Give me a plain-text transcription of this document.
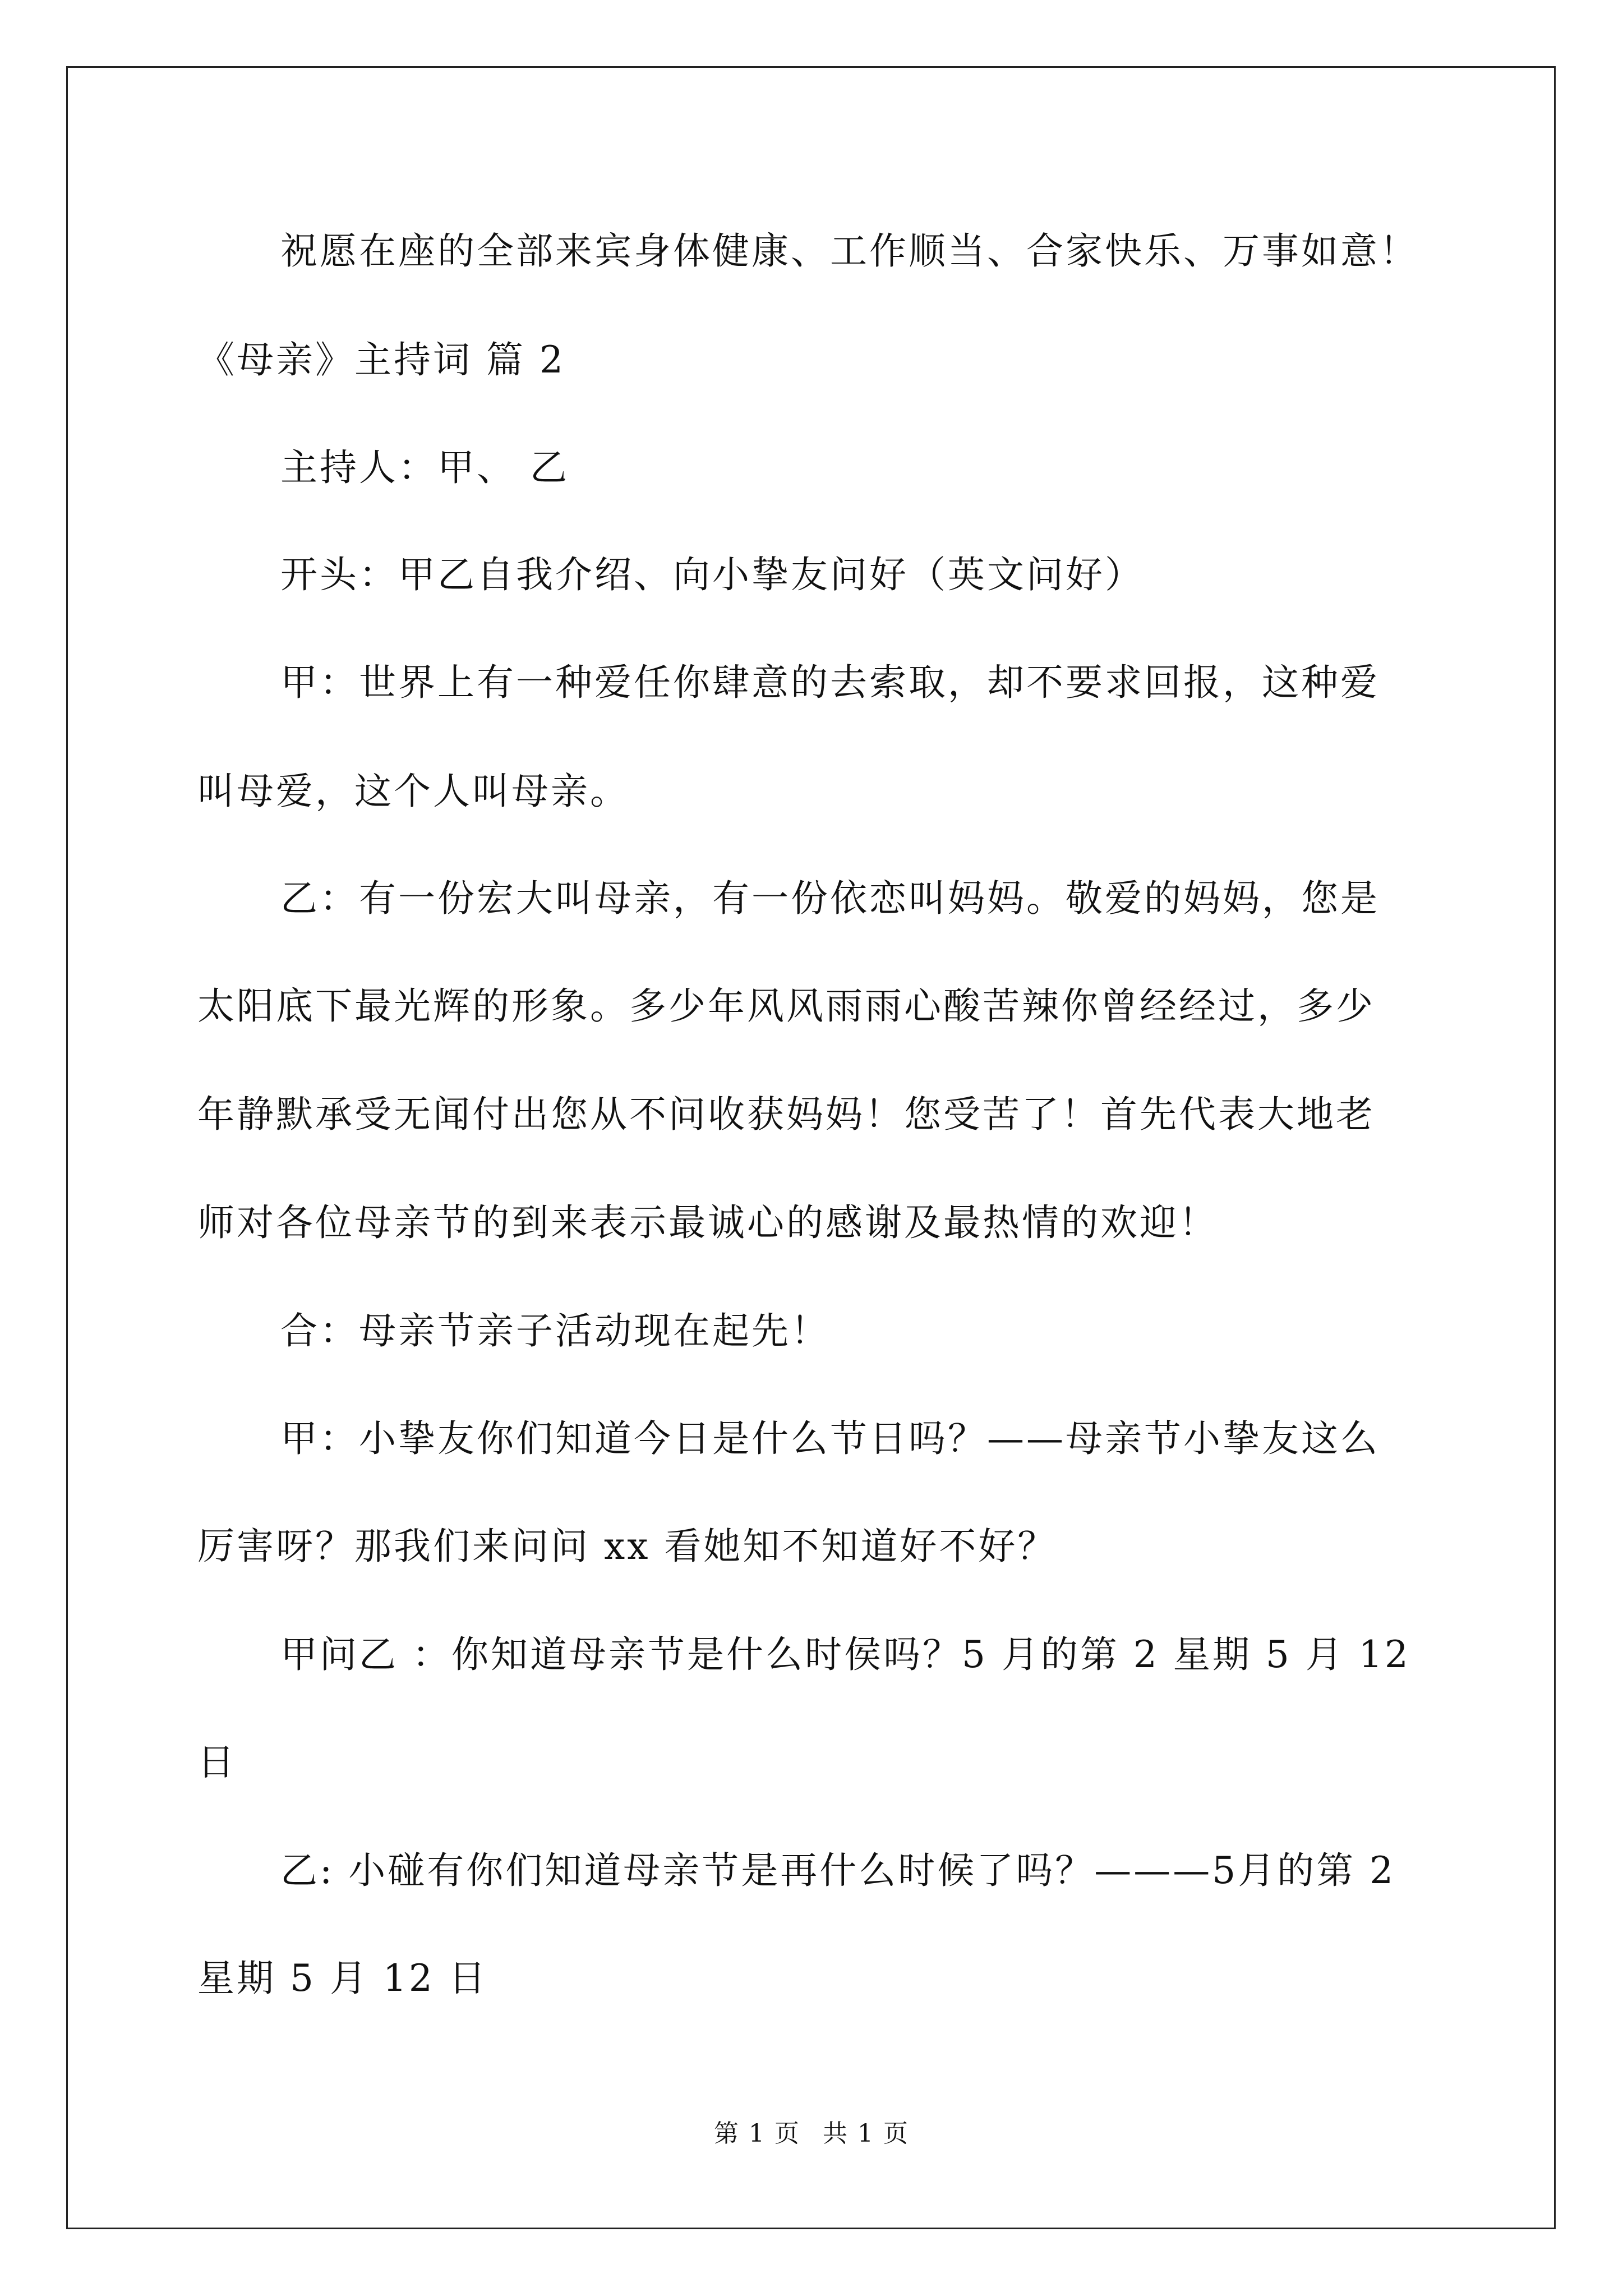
祝愿在座的全部来宾身体健康、工作顺当、合家快乐、万事如意！
《母亲》主持词 篇 2
主持人：甲、 乙
开头：甲乙自我介绍、向小挚友问好（英文问好）
甲：世界上有一种爱任你肆意的去索取，却不要求回报，这种爱
叫母爱，这个人叫母亲。
乙：有一份宏大叫母亲，有一份依恋叫妈妈。敬爱的妈妈，您是
太阳底下最光辉的形象。多少年风风雨雨心酸苦辣你曾经经过，多少
年静默承受无闻付出您从不问收获妈妈！您受苦了！首先代表大地老
师对各位母亲节的到来表示最诚心的感谢及最热情的欢迎！
合：母亲节亲子活动现在起先！
甲：小挚友你们知道今日是什么节日吗？——母亲节小挚友这么
厉害呀？那我们来问问 xx 看她知不知道好不好？
甲问乙 ：你知道母亲节是什么时侯吗？5 月的第 2 星期 5 月 12
日
乙: 小碰有你们知道母亲节是再什么时候了吗？———5月的第 2
星期 5 月 12 日
第 1 页 共 1 页
